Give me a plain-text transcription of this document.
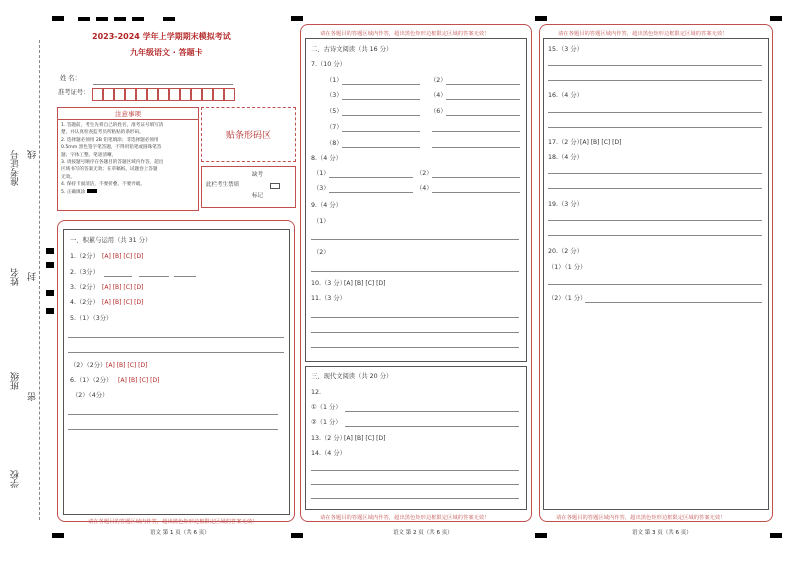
准考证号 线
姓名 封
班级
密
学校
2023-2024 学年上学期期末模拟考试
九年级语文 · 答题卡
姓 名：
准考证号：
注意事项
1. 答题前，考生先将自己的姓名，准考证号填写清
楚，并认真检查监考员所粘贴的条形码。
2. 选择题必须用 2B 铅笔填涂；非选择题必须用
0.5mm 黑色签字笔答题，不得用铅笔或圆珠笔答
题；字体工整、笔迹清晰。
3. 请按题号顺序在各题目的答题区域内作答，超出
区域书写的答案无效；在草稿纸、试题卷上答题
无效。
4. 保持卡面清洁，不要折叠、不要弄破。
5. 正确填涂
贴条形码区
此栏考生禁填
缺考
标记
一、积累与运用（共 31 分）
1.（2分） [A] [B] [C] [D]
2.（3分）
3.（2分） [A] [B] [C] [D]
4.（2分） [A] [B] [C] [D]
5.（1）（3分）
（2）（2分） [A] [B] [C] [D]
6.（1）（2分） [A] [B] [C] [D]
（2）（4分）
请在各题目的答题区域内作答，超出黑色矩形边框限定区域的答案无效！
语文 第 1 页（共 6 页）
请在各题目的答题区域内作答，超出黑色矩形边框限定区域的答案无效！
二、古诗文阅读（共 16 分）
7.（10 分）
（1）	（2）
（3）	（4）
（5）	（6）
（7）
（8）
8.（4 分）
（1）	（2）
（3）	（4）
9.（4 分）
（1）
（2）
10.（3 分）
[A] [B] [C] [D]
11.（3 分）
三、现代文阅读（共 20 分）
12.
①（1 分）
②（1 分）
13.（2 分）
[A] [B] [C] [D]
14.（4 分）
请在各题目的答题区域内作答，超出黑色矩形边框限定区域的答案无效！
语文 第 2 页（共 6 页）
请在各题目的答题区域内作答，超出黑色矩形边框限定区域的答案无效！
15.（3 分）
16.（4 分）
17.（2 分）
[A] [B] [C] [D]
18.（4 分）
19.（3 分）
20.（2 分）
（1）（1 分）
（2）（1 分）
请在各题目的答题区域内作答，超出黑色矩形边框限定区域的答案无效！
语文 第 3 页（共 6 页）
